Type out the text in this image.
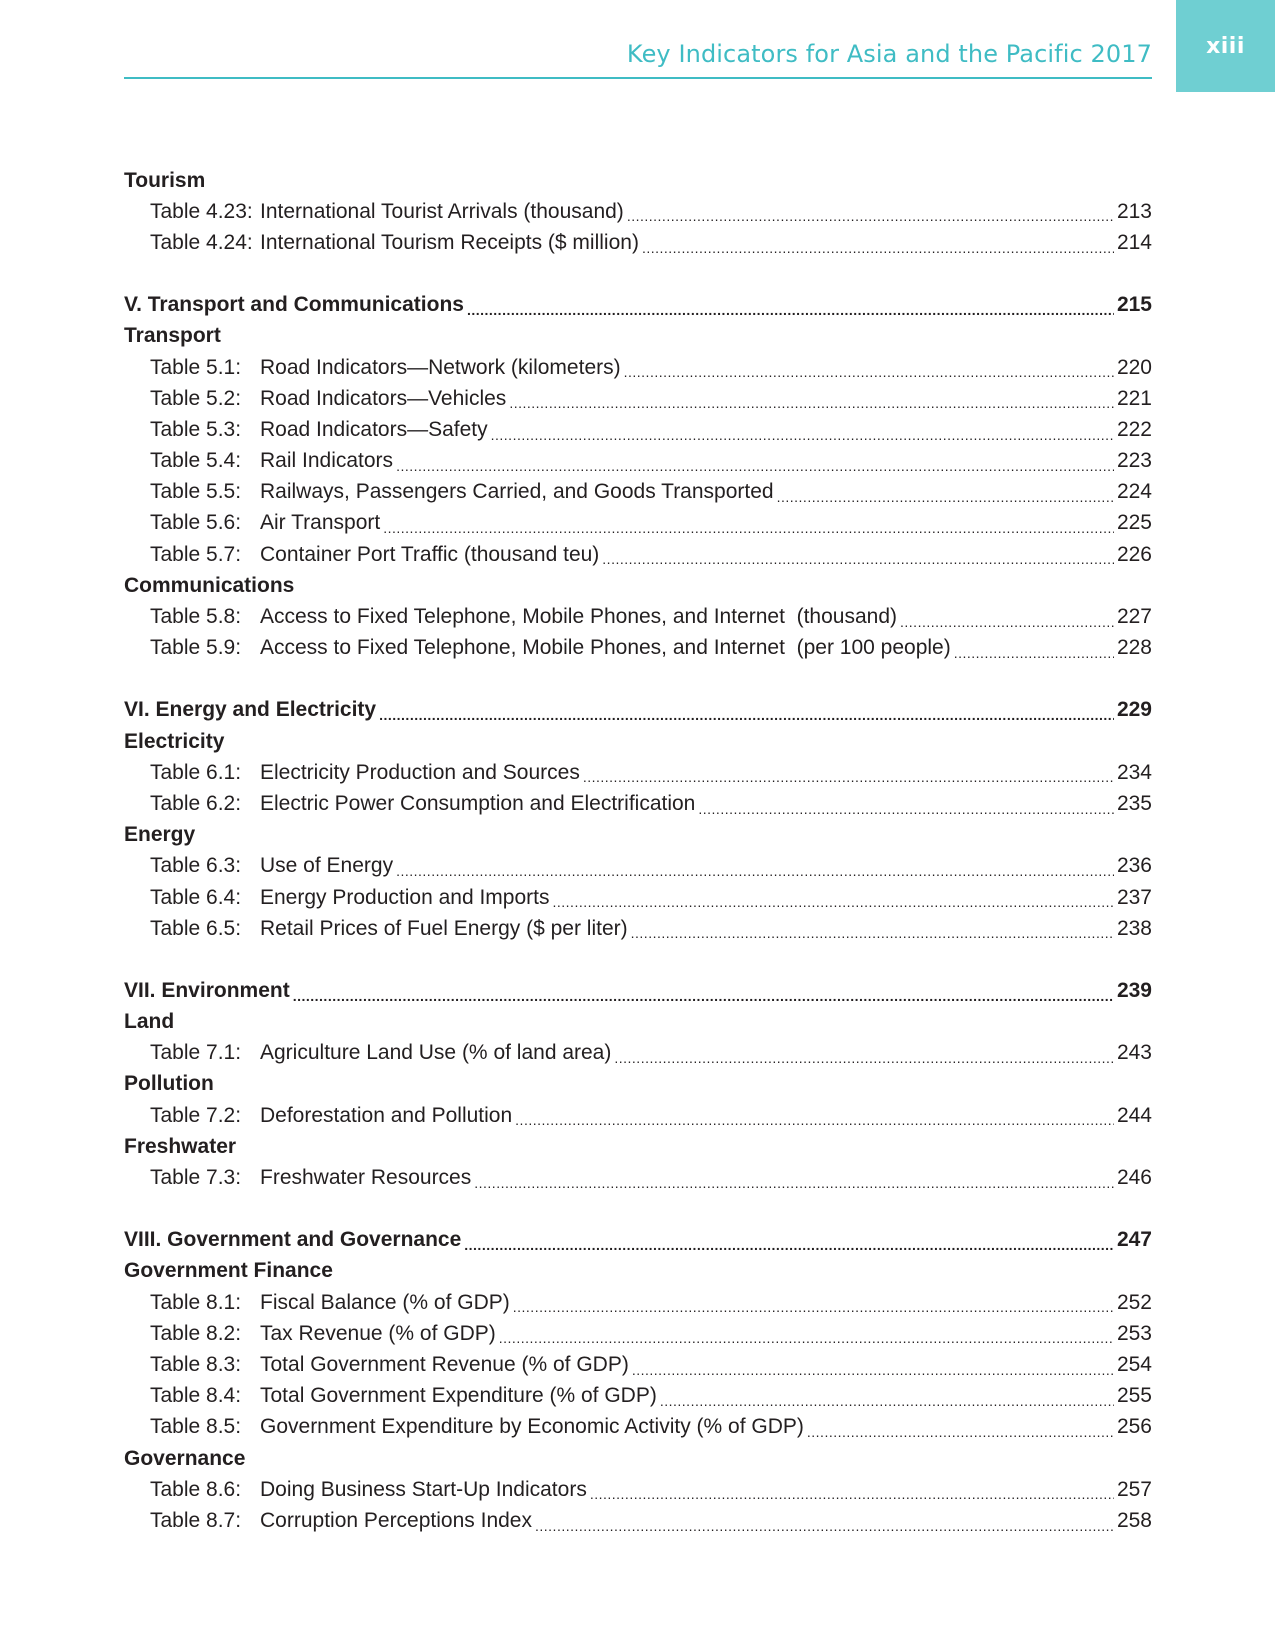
xiii
Key Indicators for Asia and the Pacific 2017
Tourism
Table 4.23: International Tourist Arrivals (thousand) .....	213
Table 4.24: International Tourism Receipts ($ million) .....	214
V. Transport and Communications .....	215
Transport
Table 5.1: Road Indicators—Network (kilometers) .....	220
Table 5.2: Road Indicators—Vehicles .....	221
Table 5.3: Road Indicators—Safety .....	222
Table 5.4: Rail Indicators .....	223
Table 5.5: Railways, Passengers Carried, and Goods Transported .....	224
Table 5.6: Air Transport .....	225
Table 5.7: Container Port Traffic (thousand teu) .....	226
Communications
Table 5.8: Access to Fixed Telephone, Mobile Phones, and Internet  (thousand) .....	227
Table 5.9: Access to Fixed Telephone, Mobile Phones, and Internet  (per 100 people) .....	228
VI. Energy and Electricity .....	229
Electricity
Table 6.1: Electricity Production and Sources .....	234
Table 6.2: Electric Power Consumption and Electrification .....	235
Energy
Table 6.3: Use of Energy .....	236
Table 6.4: Energy Production and Imports .....	237
Table 6.5: Retail Prices of Fuel Energy ($ per liter) .....	238
VII. Environment .....	239
Land
Table 7.1: Agriculture Land Use (% of land area) .....	243
Pollution
Table 7.2: Deforestation and Pollution .....	244
Freshwater
Table 7.3: Freshwater Resources .....	246
VIII. Government and Governance .....	247
Government Finance
Table 8.1: Fiscal Balance (% of GDP) .....	252
Table 8.2: Tax Revenue (% of GDP) .....	253
Table 8.3: Total Government Revenue (% of GDP) .....	254
Table 8.4: Total Government Expenditure (% of GDP) .....	255
Table 8.5: Government Expenditure by Economic Activity (% of GDP) .....	256
Governance
Table 8.6: Doing Business Start-Up Indicators .....	257
Table 8.7: Corruption Perceptions Index .....	258
